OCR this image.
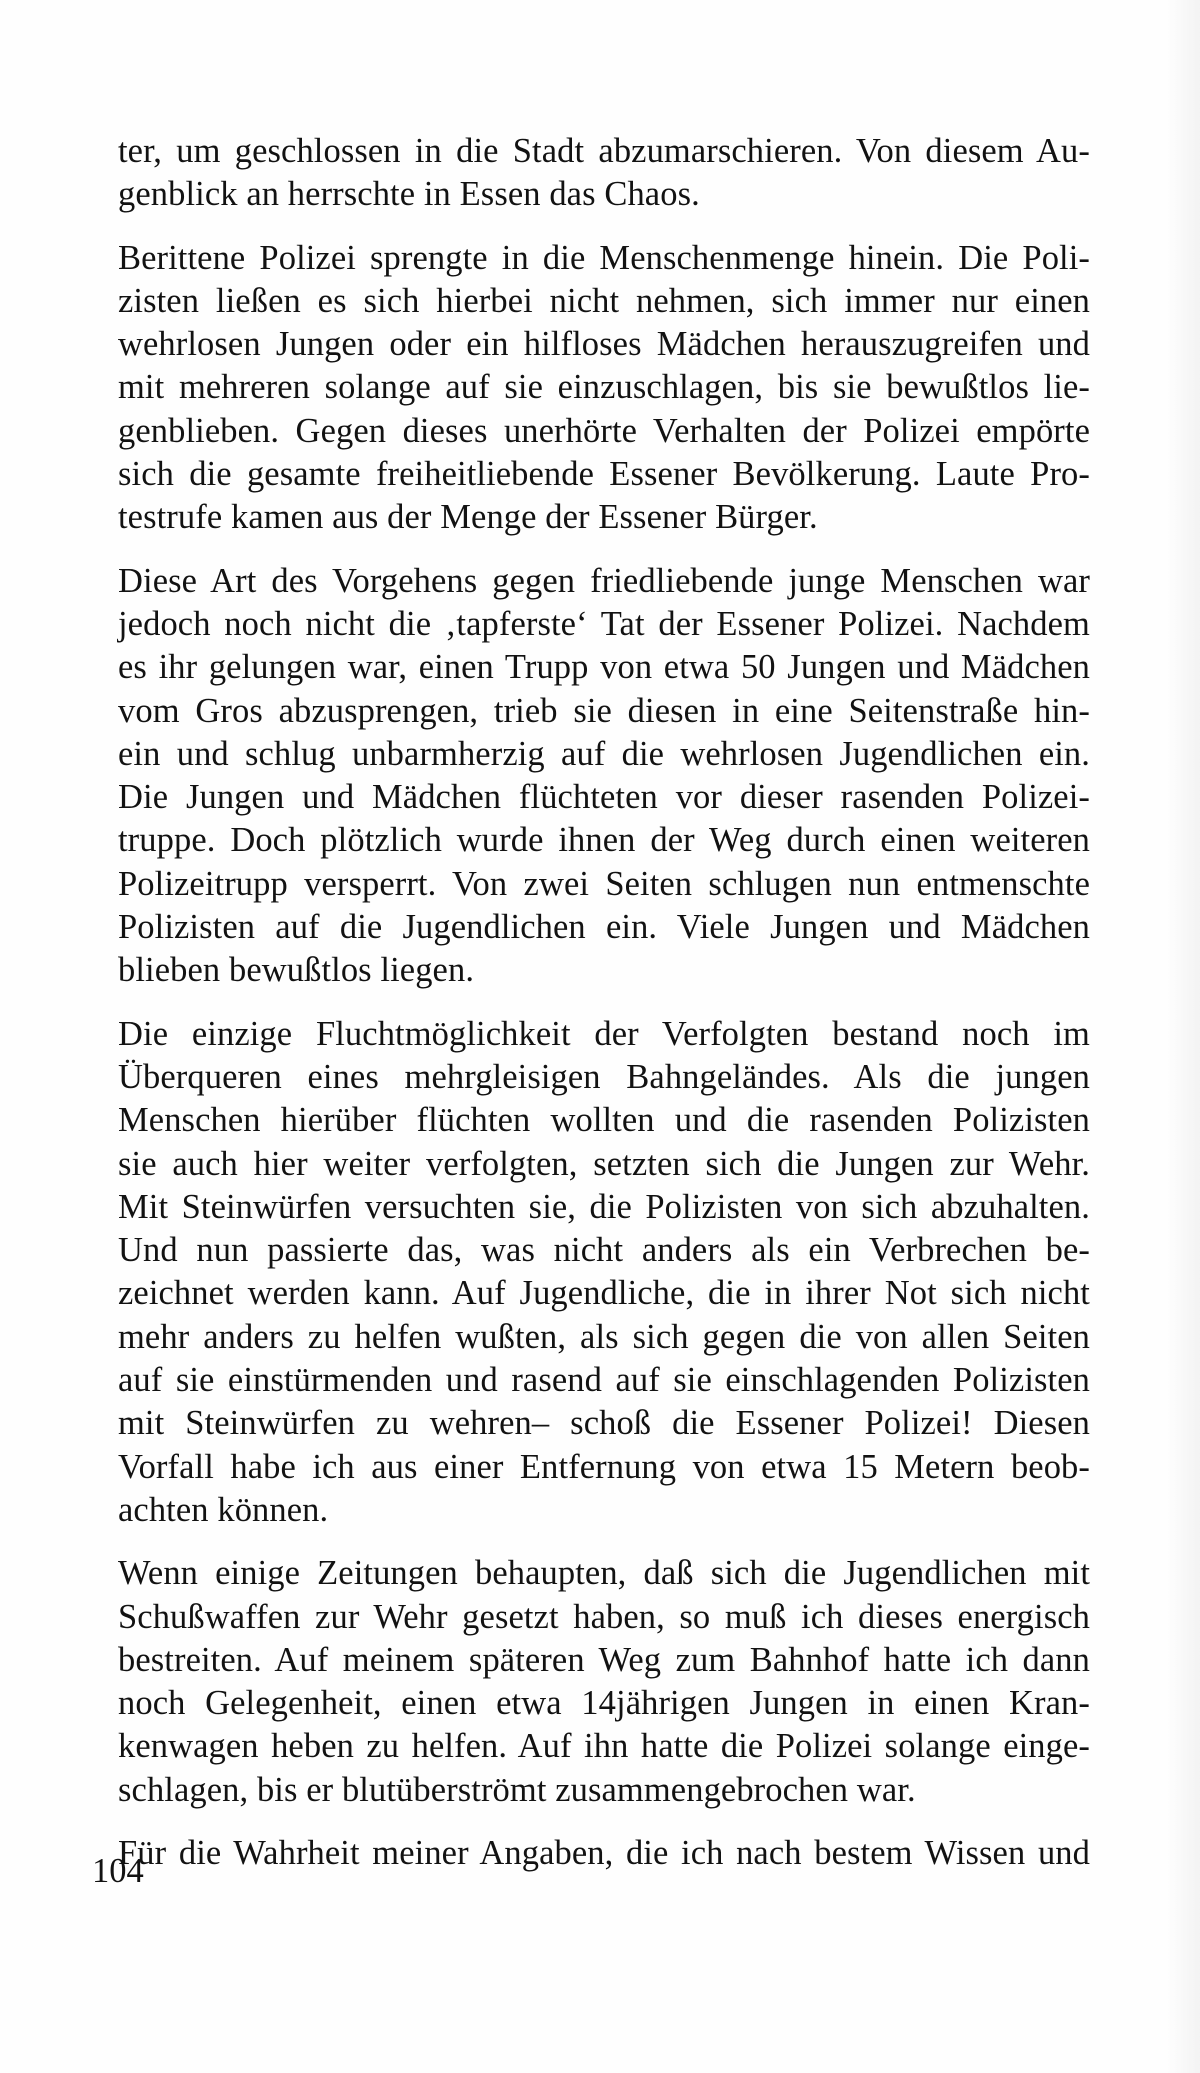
ter, um geschlossen in die Stadt abzumarschieren. Von diesem Au-
genblick an herrschte in Essen das Chaos.

Berittene Polizei sprengte in die Menschenmenge hinein. Die Poli-
zisten ließen es sich hierbei nicht nehmen, sich immer nur einen
wehrlosen Jungen oder ein hilfloses Mädchen herauszugreifen und
mit mehreren solange auf sie einzuschlagen, bis sie bewußtlos lie-
genblieben. Gegen dieses unerhörte Verhalten der Polizei empörte
sich die gesamte freiheitliebende Essener Bevölkerung. Laute Pro-
testrufe kamen aus der Menge der Essener Bürger.

Diese Art des Vorgehens gegen friedliebende junge Menschen war
jedoch noch nicht die ‚tapferste‘ Tat der Essener Polizei. Nachdem
es ihr gelungen war, einen Trupp von etwa 50 Jungen und Mädchen
vom Gros abzusprengen, trieb sie diesen in eine Seitenstraße hin-
ein und schlug unbarmherzig auf die wehrlosen Jugendlichen ein.
Die Jungen und Mädchen flüchteten vor dieser rasenden Polizei-
truppe. Doch plötzlich wurde ihnen der Weg durch einen weiteren
Polizeitrupp versperrt. Von zwei Seiten schlugen nun entmenschte
Polizisten auf die Jugendlichen ein. Viele Jungen und Mädchen
blieben bewußtlos liegen.

Die einzige Fluchtmöglichkeit der Verfolgten bestand noch im
Überqueren eines mehrgleisigen Bahngeländes. Als die jungen
Menschen hierüber flüchten wollten und die rasenden Polizisten
sie auch hier weiter verfolgten, setzten sich die Jungen zur Wehr.
Mit Steinwürfen versuchten sie, die Polizisten von sich abzuhalten.
Und nun passierte das, was nicht anders als ein Verbrechen be-
zeichnet werden kann. Auf Jugendliche, die in ihrer Not sich nicht
mehr anders zu helfen wußten, als sich gegen die von allen Seiten
auf sie einstürmenden und rasend auf sie einschlagenden Polizisten
mit Steinwürfen zu wehren– schoß die Essener Polizei! Diesen
Vorfall habe ich aus einer Entfernung von etwa 15 Metern beob-
achten können.

Wenn einige Zeitungen behaupten, daß sich die Jugendlichen mit
Schußwaffen zur Wehr gesetzt haben, so muß ich dieses energisch
bestreiten. Auf meinem späteren Weg zum Bahnhof hatte ich dann
noch Gelegenheit, einen etwa 14jährigen Jungen in einen Kran-
kenwagen heben zu helfen. Auf ihn hatte die Polizei solange einge-
schlagen, bis er blutüberströmt zusammengebrochen war.

Für die Wahrheit meiner Angaben, die ich nach bestem Wissen und

104
